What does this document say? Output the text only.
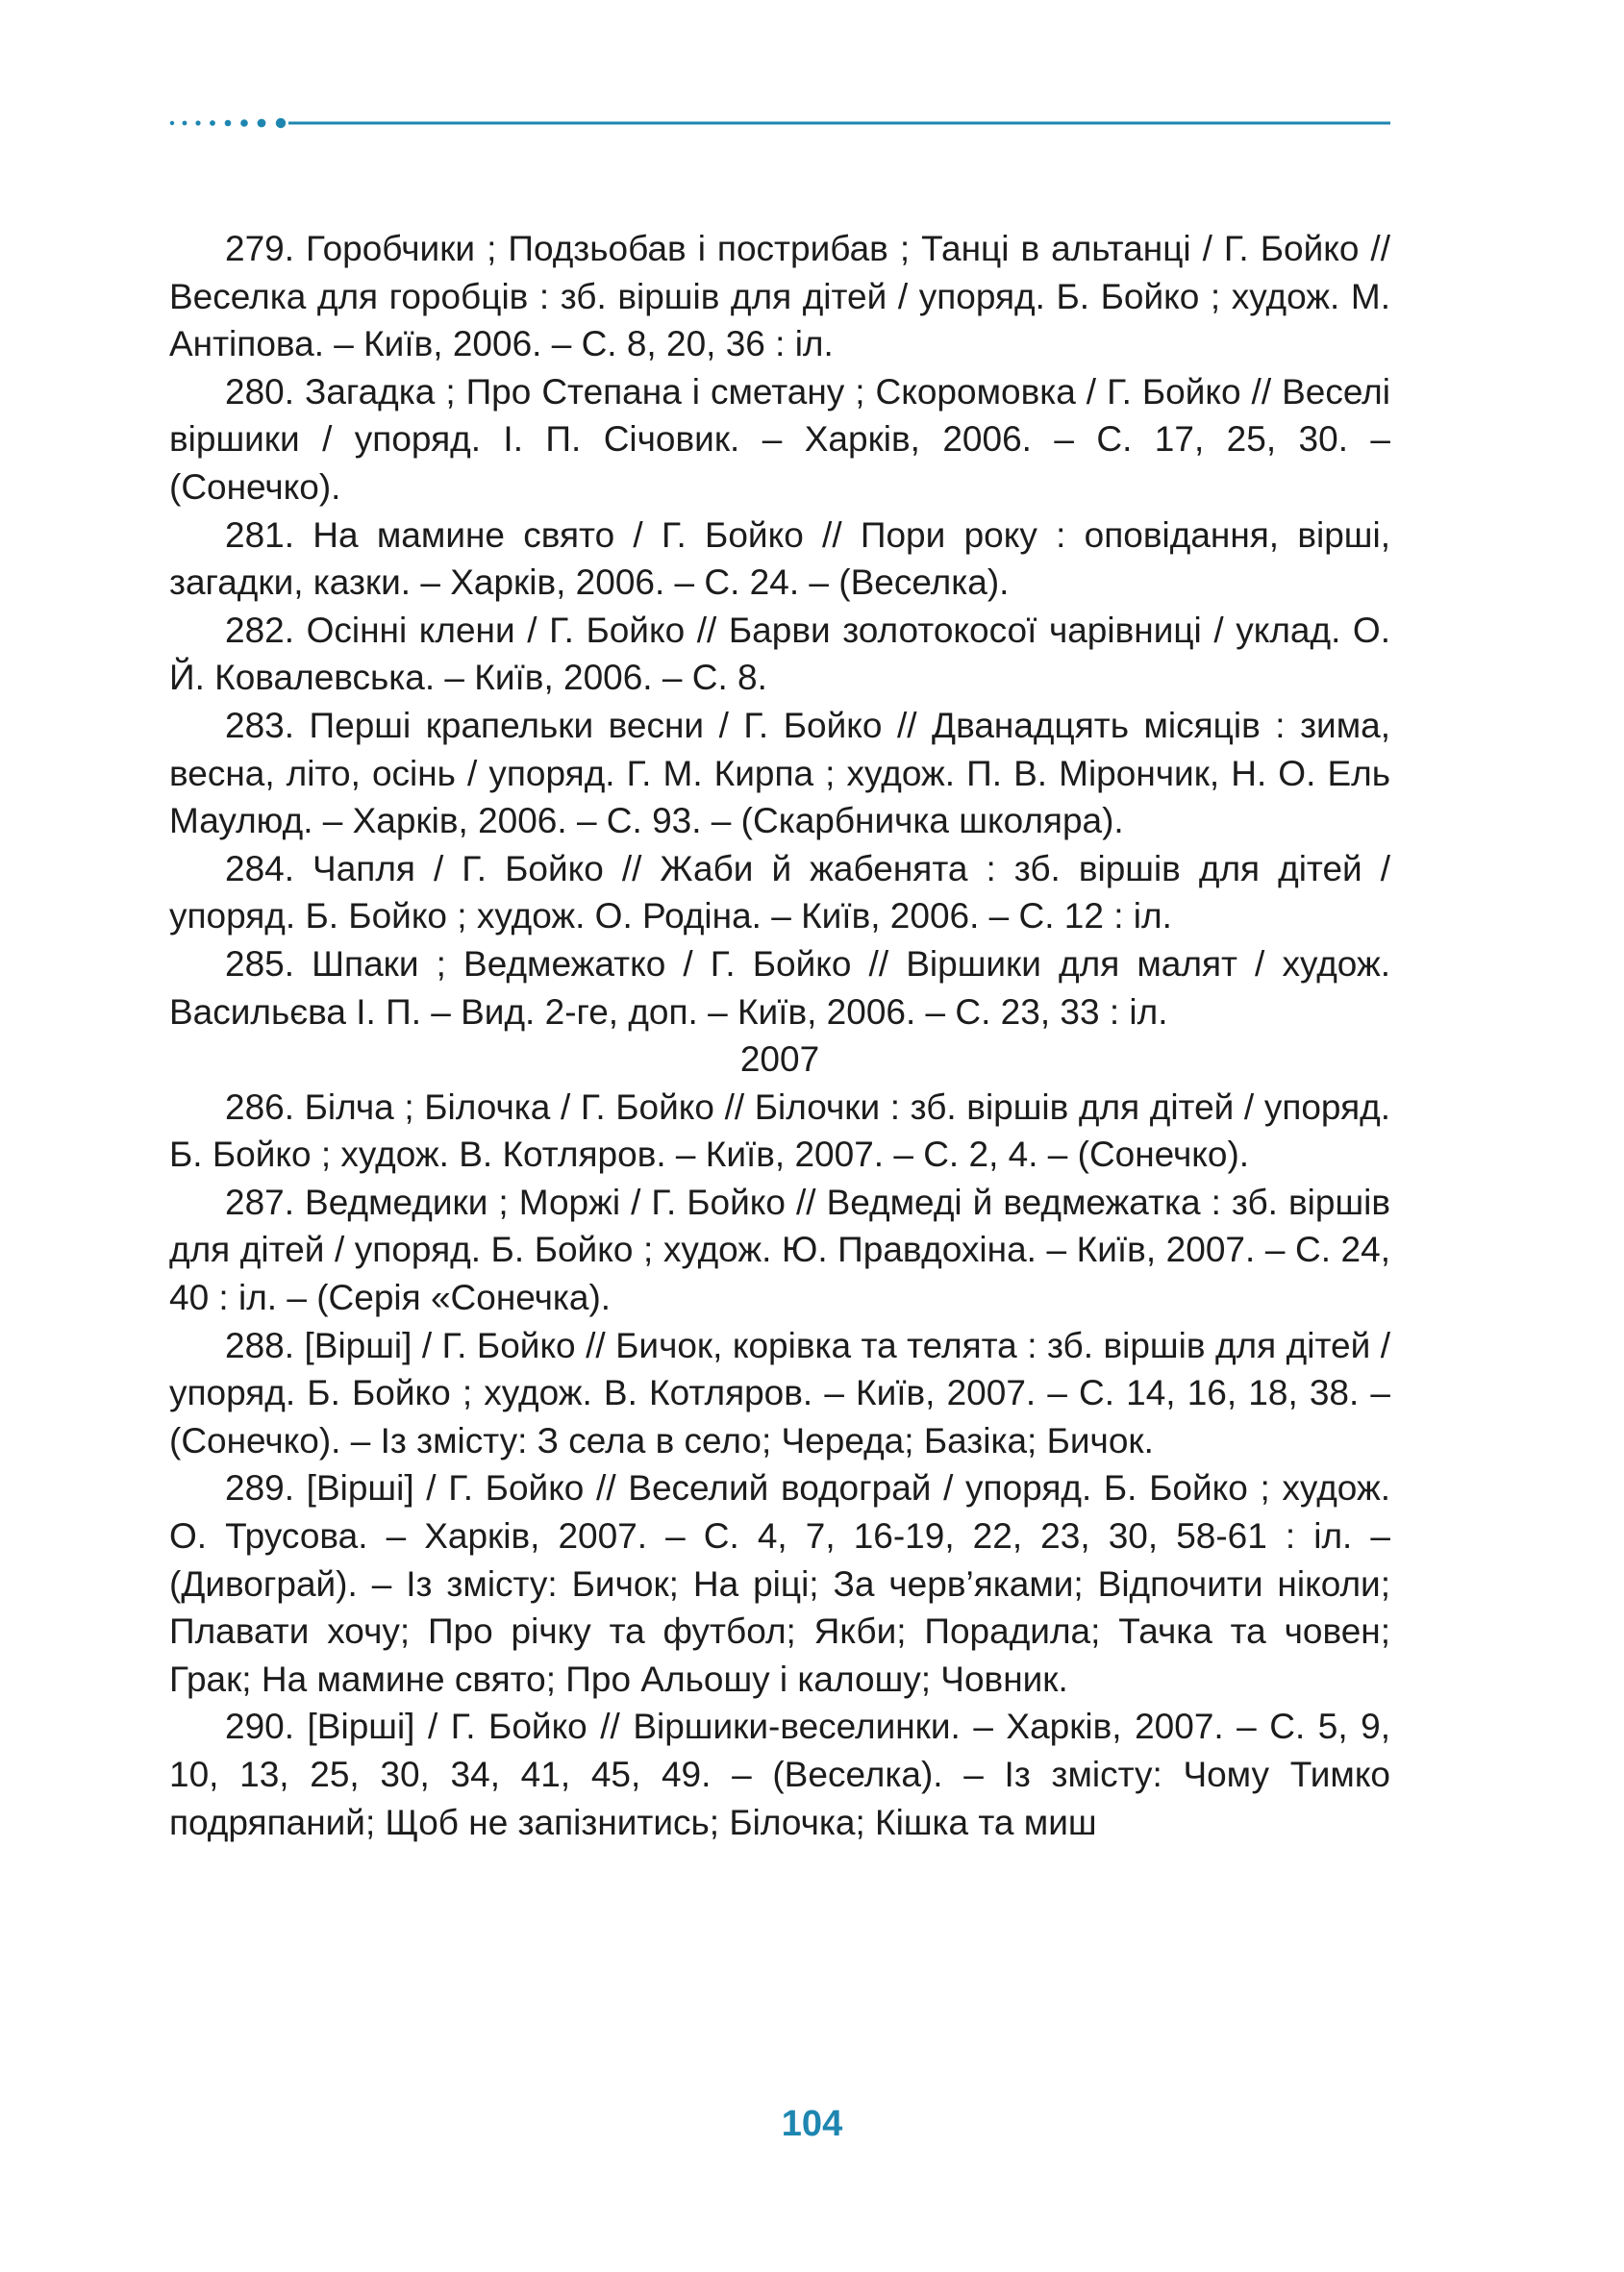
279. Горобчики ; Подзьобав і пострибав ; Танці в альтанці / Г. Бойко // Веселка для горобців : зб. віршів для дітей / упоряд. Б. Бойко ; худож. М. Антіпова. – Київ, 2006. – С. 8, 20, 36 : іл.

280. Загадка ; Про Степана і сметану ; Скоромовка / Г. Бойко // Веселі віршики / упоряд. І. П. Січовик. – Харків, 2006. – С. 17, 25, 30. – (Сонечко).

281. На мамине свято / Г. Бойко // Пори року : оповідання, вірші, загадки, казки. – Харків, 2006. – С. 24. – (Веселка).

282. Осінні клени / Г. Бойко // Барви золотокосої чарівниці / уклад. О. Й. Ковалевська. – Київ, 2006. – С. 8.

283. Перші крапельки весни / Г. Бойко // Дванадцять місяців : зима, весна, літо, осінь / упоряд. Г. М. Кирпа ; худож. П. В. Мірончик, Н. О. Ель Маулюд. – Харків, 2006. – С. 93. – (Скарбничка школяра).

284. Чапля / Г. Бойко // Жаби й жабенята : зб. віршів для дітей / упоряд. Б. Бойко ; худож. О. Родіна. – Київ, 2006. – С. 12 : іл.

285. Шпаки ; Ведмежатко / Г. Бойко // Віршики для малят / худож. Васильєва І. П. – Вид. 2-ге, доп. – Київ, 2006. – С. 23, 33 : іл.

2007

286. Білча ; Білочка / Г. Бойко // Білочки : зб. віршів для дітей / упоряд. Б. Бойко ; худож. В. Котляров. – Київ, 2007. – С. 2, 4. – (Сонечко).

287. Ведмедики ; Моржі / Г. Бойко // Ведмеді й ведмежатка : зб. віршів для дітей / упоряд. Б. Бойко ; худож. Ю. Правдохіна. – Київ, 2007. – С. 24, 40 : іл. – (Серія «Сонечка).

288. [Вірші] / Г. Бойко // Бичок, корівка та телята : зб. віршів для дітей / упоряд. Б. Бойко ; худож. В. Котляров. – Київ, 2007. – С. 14, 16, 18, 38. – (Сонечко). – Із змісту: З села в село; Череда; Базіка; Бичок.

289. [Вірші] / Г. Бойко // Веселий водограй / упоряд. Б. Бойко ; худож. О. Трусова. – Харків, 2007. – С. 4, 7, 16-19, 22, 23, 30, 58-61 : іл. – (Дивограй). – Із змісту: Бичок; На ріці; За черв’яками; Відпочити ніколи; Плавати хочу; Про річку та футбол; Якби; Порадила; Тачка та човен; Грак; На мамине свято; Про Альошу і калошу; Човник.

290. [Вірші] / Г. Бойко // Віршики-веселинки. – Харків, 2007. – С. 5, 9, 10, 13, 25, 30, 34, 41, 45, 49. – (Веселка). – Із змісту: Чому Тимко подряпаний; Щоб не запізнитись; Білочка; Кішка та миш

104
